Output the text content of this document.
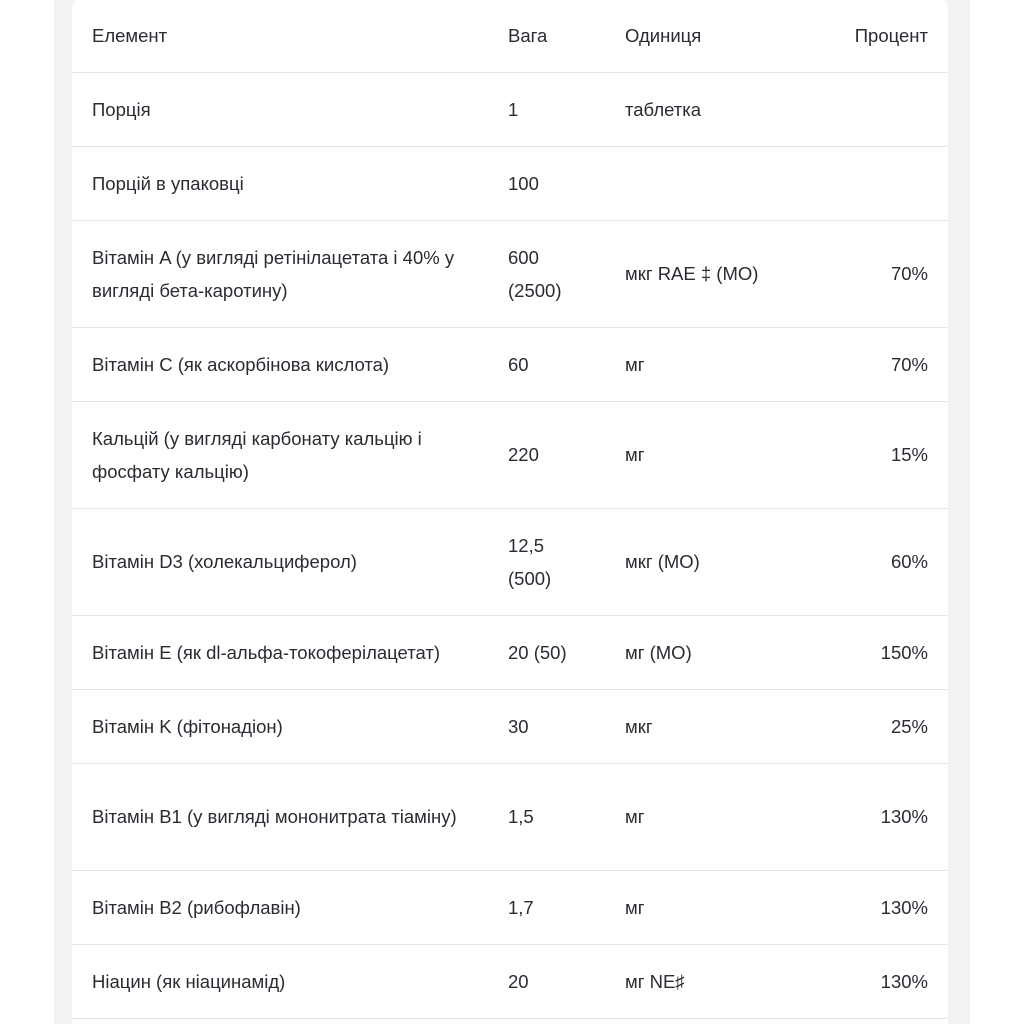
Елемент	Вага	Одиниця	Процент
Порція	1	таблетка	
Порцій в упаковці	100		

Вітамін A (у вигляді ретінілацетата і 40% у вигляді бета-каротину)	600 (2500)	мкг RAE ‡ (МО)	70%
Вітамін C (як аскорбінова кислота)	60	мг	70%

Кальцій (у вигляді карбонату кальцію і фосфату кальцію)	220	мг	15%
Вітамін D3 (холекальциферол)	12,5 (500)	мкг (МО)	60%
Вітамін E (як dl-альфа-токоферілацетат)	20 (50)	мг (МО)	150%
Вітамін K (фітонадіон)	30	мкг	25%

Вітамін B1 (у вигляді мононитрата тіаміну)	1,5	мг	130%
Вітамін B2 (рибофлавін)	1,7	мг	130%
Ніацин (як ніацинамід)	20	мг NE♯	130%
